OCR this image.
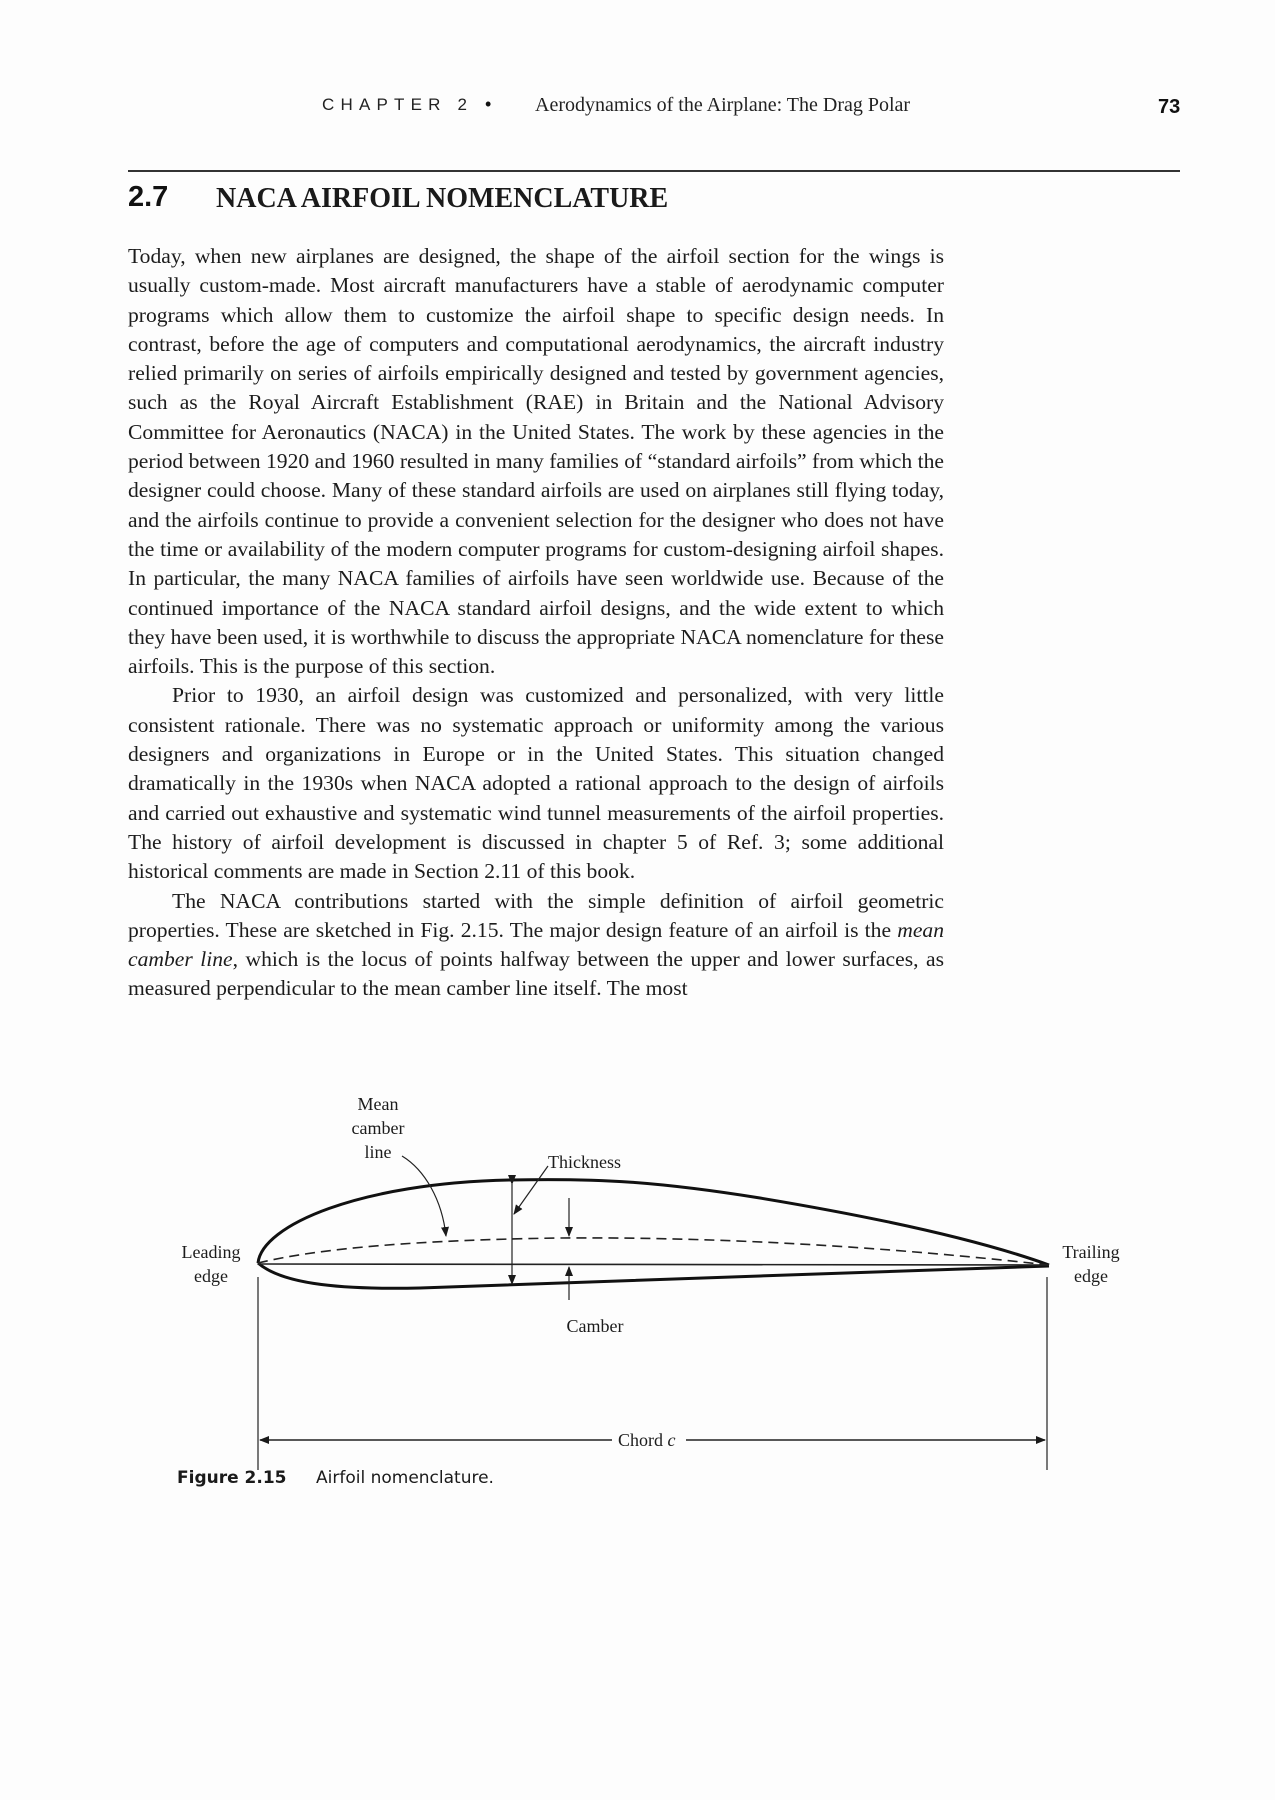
CHAPTER 2 • Aerodynamics of the Airplane: The Drag Polar	73
2.7 NACA AIRFOIL NOMENCLATURE

Today, when new airplanes are designed, the shape of the airfoil section for the wings is usually custom-made. Most aircraft manufacturers have a stable of aerodynamic computer programs which allow them to customize the airfoil shape to specific design needs. In contrast, before the age of computers and computational aerodynamics, the aircraft industry relied primarily on series of airfoils empirically designed and tested by government agencies, such as the Royal Aircraft Establishment (RAE) in Britain and the National Advisory Committee for Aeronautics (NACA) in the United States. The work by these agencies in the period between 1920 and 1960 resulted in many families of “standard airfoils” from which the designer could choose. Many of these standard airfoils are used on airplanes still flying today, and the airfoils continue to provide a convenient selection for the designer who does not have the time or availability of the modern computer programs for custom-designing airfoil shapes. In particular, the many NACA families of airfoils have seen worldwide use. Because of the continued importance of the NACA standard airfoil designs, and the wide extent to which they have been used, it is worthwhile to discuss the appropriate NACA nomenclature for these airfoils. This is the purpose of this section.

Prior to 1930, an airfoil design was customized and personalized, with very little consistent rationale. There was no systematic approach or uniformity among the various designers and organizations in Europe or in the United States. This situation changed dramatically in the 1930s when NACA adopted a rational approach to the design of airfoils and carried out exhaustive and systematic wind tunnel measurements of the airfoil properties. The history of airfoil development is discussed in chapter 5 of Ref. 3; some additional historical comments are made in Section 2.11 of this book.

The NACA contributions started with the simple definition of airfoil geometric properties. These are sketched in Fig. 2.15. The major design feature of an airfoil is the mean camber line, which is the locus of points halfway between the upper and lower surfaces, as measured perpendicular to the mean camber line itself. The most

Mean
camber
line	Thickness
Leading
edge
Trailing
edge
Camber
Chord c
Figure 2.15 Airfoil nomenclature.
